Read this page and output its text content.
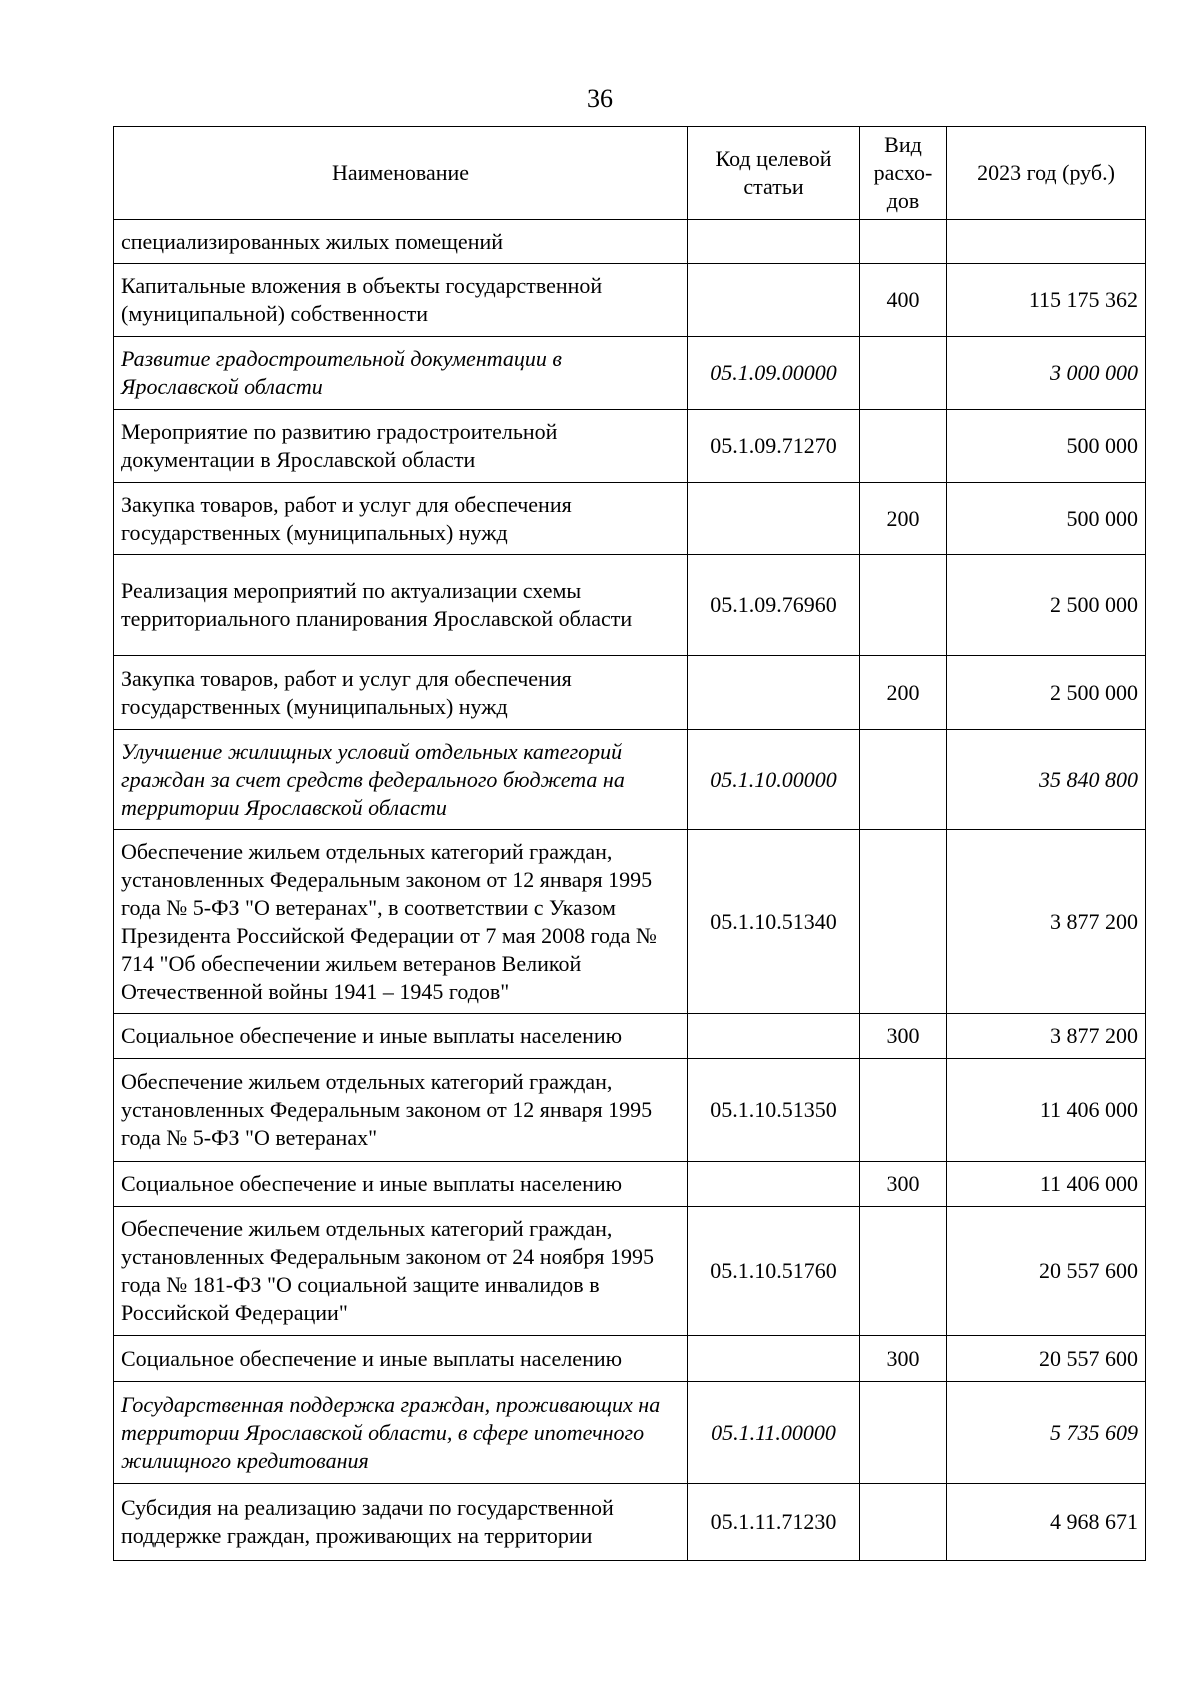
36
Наименование	Код целевой статьи	Вид расхо-дов	2023 год (руб.)
специализированных жилых помещений			
Капитальные вложения в объекты государственной (муниципальной) собственности		400	115 175 362
Развитие градостроительной документации в Ярославской области	05.1.09.00000		3 000 000
Мероприятие по развитию градостроительной документации в Ярославской области	05.1.09.71270		500 000
Закупка товаров, работ и услуг для обеспечения государственных (муниципальных) нужд		200	500 000
Реализация мероприятий по актуализации схемы территориального планирования Ярославской области	05.1.09.76960		2 500 000
Закупка товаров, работ и услуг для обеспечения государственных (муниципальных) нужд		200	2 500 000
Улучшение жилищных условий отдельных категорий граждан за счет средств федерального бюджета на территории Ярославской области	05.1.10.00000		35 840 800
Обеспечение жильем отдельных категорий граждан, установленных Федеральным законом от 12 января 1995 года № 5-ФЗ "О ветеранах", в соответствии с Указом Президента Российской Федерации от 7 мая 2008 года № 714 "Об обеспечении жильем ветеранов Великой Отечественной войны 1941 – 1945 годов"	05.1.10.51340		3 877 200
Социальное обеспечение и иные выплаты населению		300	3 877 200
Обеспечение жильем отдельных категорий граждан, установленных Федеральным законом от 12 января 1995 года № 5-ФЗ "О ветеранах"	05.1.10.51350		11 406 000
Социальное обеспечение и иные выплаты населению		300	11 406 000
Обеспечение жильем отдельных категорий граждан, установленных Федеральным законом от 24 ноября 1995 года № 181-ФЗ "О социальной защите инвалидов в Российской Федерации"	05.1.10.51760		20 557 600
Социальное обеспечение и иные выплаты населению		300	20 557 600
Государственная поддержка граждан, проживающих на территории Ярославской области, в сфере ипотечного жилищного кредитования	05.1.11.00000		5 735 609
Субсидия на реализацию задачи по государственной поддержке граждан, проживающих на территории	05.1.11.71230		4 968 671
